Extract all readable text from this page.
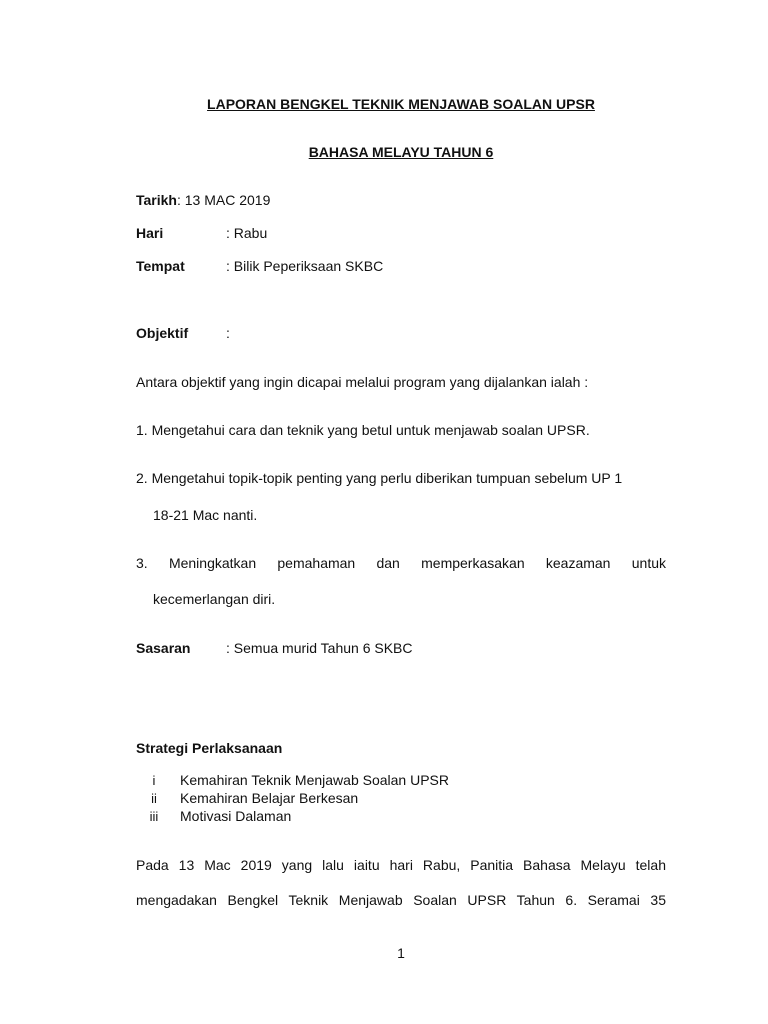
LAPORAN BENGKEL TEKNIK MENJAWAB SOALAN UPSR
BAHASA MELAYU TAHUN 6
Tarikh: 13 MAC 2019
Hari	: Rabu
Tempat	: Bilik Peperiksaan SKBC
Objektif	:
Antara objektif yang ingin dicapai melalui program yang dijalankan ialah :
1. Mengetahui cara dan teknik yang betul untuk menjawab soalan UPSR.
2. Mengetahui topik-topik penting yang perlu diberikan tumpuan sebelum UP 1
18-21 Mac nanti.
3. Meningkatkan pemahaman dan memperkasakan keazaman untuk
kecemerlangan diri.
Sasaran	: Semua murid Tahun 6 SKBC
Strategi Perlaksanaan
i	Kemahiran Teknik Menjawab Soalan UPSR
ii	Kemahiran Belajar Berkesan
iii	Motivasi Dalaman
Pada 13 Mac 2019 yang lalu iaitu hari Rabu, Panitia Bahasa Melayu telah
mengadakan Bengkel Teknik Menjawab Soalan UPSR Tahun 6. Seramai 35
1
